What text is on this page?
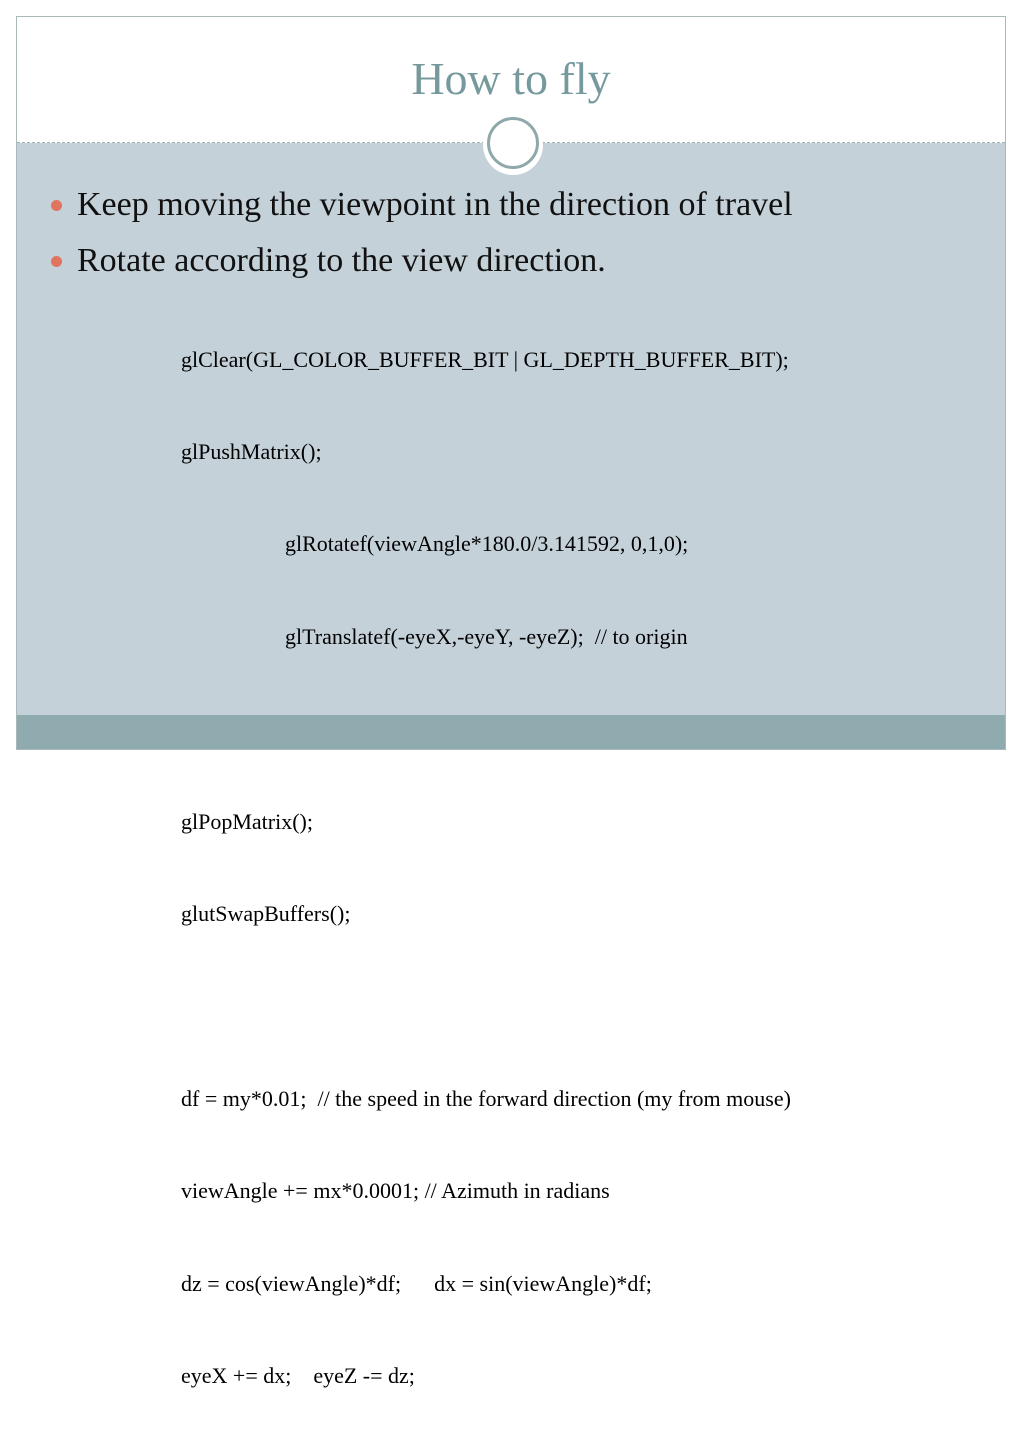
How to fly
Keep moving the viewpoint in the direction of travel
Rotate according to the view direction.

glClear(GL_COLOR_BUFFER_BIT | GL_DEPTH_BUFFER_BIT);

glPushMatrix();

glRotatef(viewAngle*180.0/3.141592, 0,1,0);

glTranslatef(-eyeX,-eyeY, -eyeZ);  // to origin

glPopMatrix();

glutSwapBuffers();

df = my*0.01;  // the speed in the forward direction (my from mouse)

viewAngle += mx*0.0001; // Azimuth in radians

dz = cos(viewAngle)*df;      dx = sin(viewAngle)*df;

eyeX += dx;    eyeZ -= dz;
